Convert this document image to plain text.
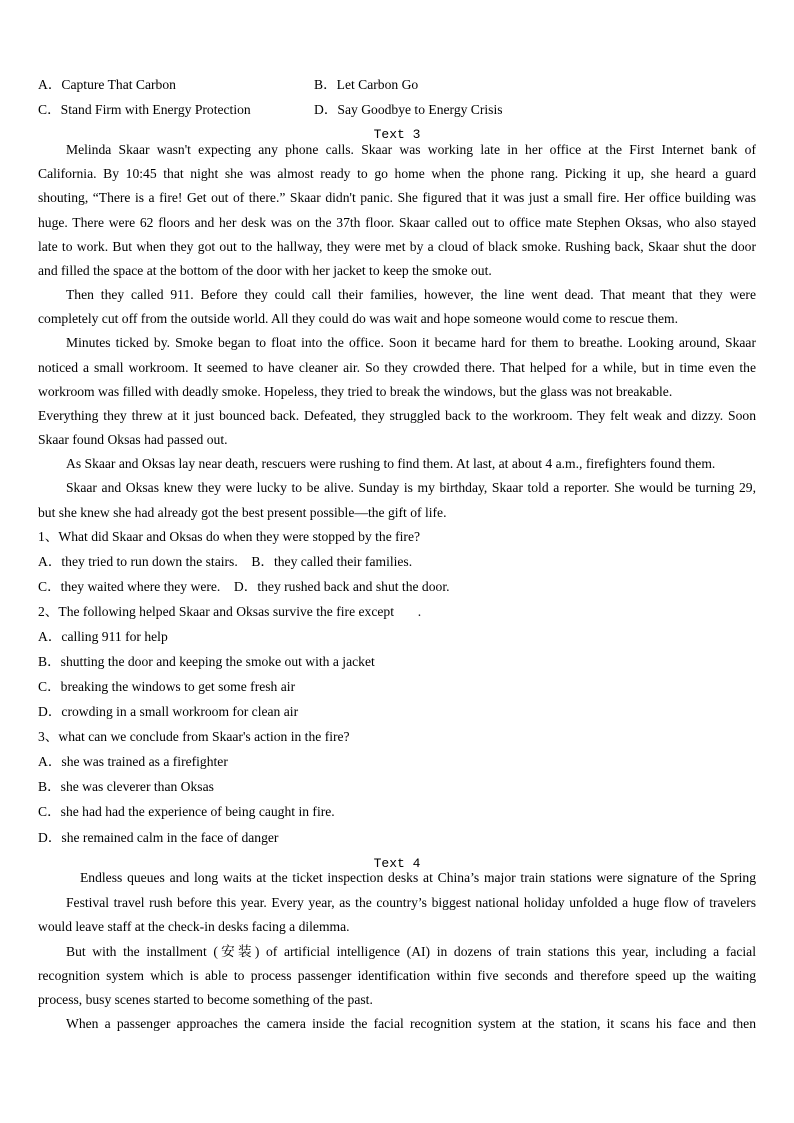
A．Capture That Carbon	B．Let Carbon Go
C．Stand Firm with Energy Protection	D．Say Goodbye to Energy Crisis
Text 3
Melinda Skaar wasn't expecting any phone calls. Skaar was working late in her office at the First Internet bank of
California. By 10:45 that night she was almost ready to go home when the phone rang. Picking it up, she heard a guard
shouting, “There is a fire! Get out of there.” Skaar didn't panic. She figured that it was just a small fire. Her office building was
huge. There were 62 floors and her desk was on the 37th floor. Skaar called out to office mate Stephen Oksas, who also stayed
late to work. But when they got out to the hallway, they were met by a cloud of black smoke. Rushing back, Skaar shut the door
and filled the space at the bottom of the door with her jacket to keep the smoke out.
Then they called 911. Before they could call their families, however, the line went dead. That meant that they were
completely cut off from the outside world. All they could do was wait and hope someone would come to rescue them.
Minutes ticked by. Smoke began to float into the office. Soon it became hard for them to breathe. Looking around, Skaar
noticed a small workroom. It seemed to have cleaner air. So they crowded there. That helped for a while, but in time even the
workroom was filled with deadly smoke. Hopeless, they tried to break the windows, but the glass was not breakable.
Everything they threw at it just bounced back. Defeated, they struggled back to the workroom. They felt weak and dizzy. Soon
Skaar found Oksas had passed out.
As Skaar and Oksas lay near death, rescuers were rushing to find them. At last, at about 4 a.m., firefighters found them.
Skaar and Oksas knew they were lucky to be alive. Sunday is my birthday, Skaar told a reporter. She would be turning 29,
but she knew she had already got the best present possible—the gift of life.
1、What did Skaar and Oksas do when they were stopped by the fire?
A．they tried to run down the stairs. B．they called their families.
C．they waited where they were. D．they rushed back and shut the door.
2、The following helped Skaar and Oksas survive the fire except       .
A．calling 911 for help
B．shutting the door and keeping the smoke out with a jacket
C．breaking the windows to get some fresh air
D．crowding in a small workroom for clean air
3、what can we conclude from Skaar's action in the fire?
A．she was trained as a firefighter
B．she was cleverer than Oksas
C．she had had the experience of being caught in fire.
D．she remained calm in the face of danger
Text 4
Endless queues and long waits at the ticket inspection desks at China’s major train stations were signature of the Spring
Festival travel rush before this year. Every year, as the country’s biggest national holiday unfolded a huge flow of travelers
would leave staff at the check-in desks facing a dilemma.
But with the installment (安装) of artificial intelligence (AI) in dozens of train stations this year, including a facial
recognition system which is able to process passenger identification within five seconds and therefore speed up the waiting
process, busy scenes started to become something of the past.
When a passenger approaches the camera inside the facial recognition system at the station, it scans his face and then
